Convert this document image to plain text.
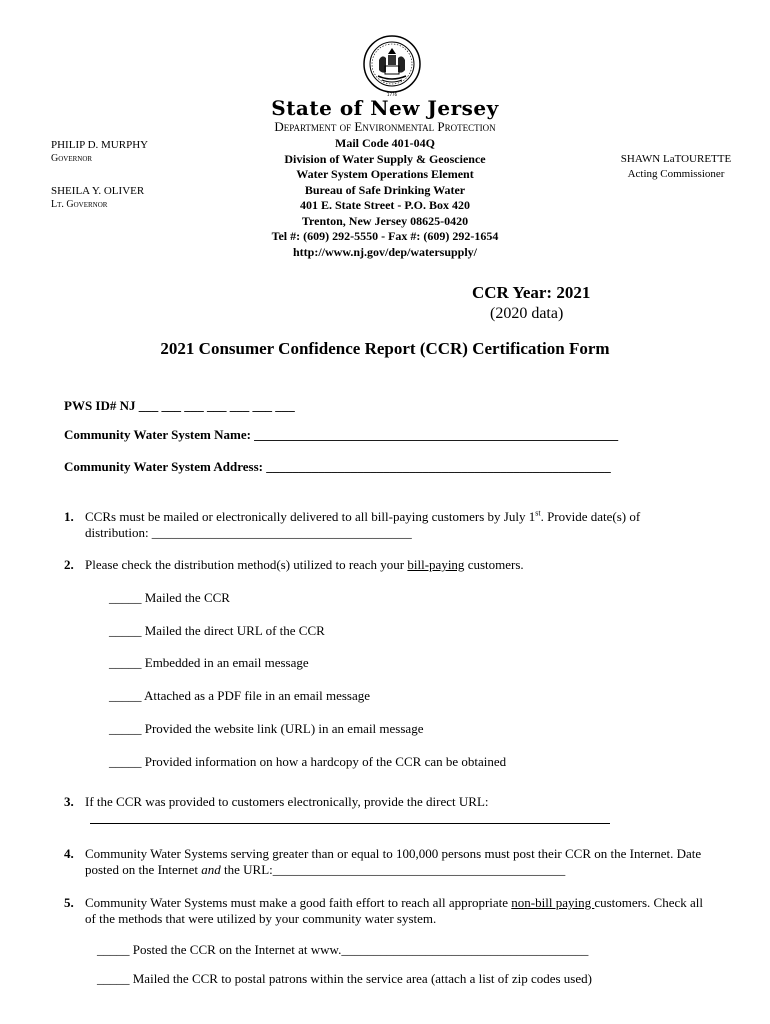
1776
State of New Jersey
Department of Environmental Protection
Mail Code 401-04Q
Division of Water Supply & Geoscience
Water System Operations Element
Bureau of Safe Drinking Water
401 E. State Street - P.O. Box 420
Trenton, New Jersey 08625-0420
Tel #: (609) 292-5550 - Fax #: (609) 292-1654
http://www.nj.gov/dep/watersupply/
PHILIP D. MURPHY
Governor
SHEILA Y. OLIVER
Lt. Governor
SHAWN LaTOURETTE
Acting Commissioner
CCR Year: 2021
(2020 data)
2021 Consumer Confidence Report (CCR) Certification Form
PWS ID# NJ ___ ___ ___ ___ ___ ___ ___
Community Water System Name: ________________________________________________________
Community Water System Address: _____________________________________________________
1. CCRs must be mailed or electronically delivered to all bill-paying customers by July 1st. Provide date(s) of distribution: ________________________________________
2. Please check the distribution method(s) utilized to reach your bill-paying customers.
_____ Mailed the CCR
_____ Mailed the direct URL of the CCR
_____ Embedded in an email message
_____ Attached as a PDF file in an email message
_____ Provided the website link (URL) in an email message
_____ Provided information on how a hardcopy of the CCR can be obtained
3. If the CCR was provided to customers electronically, provide the direct URL:
4. Community Water Systems serving greater than or equal to 100,000 persons must post their CCR on the Internet. Date posted on the Internet and the URL:_____________________________________________
5. Community Water Systems must make a good faith effort to reach all appropriate non-bill paying customers. Check all of the methods that were utilized by your community water system.
_____ Posted the CCR on the Internet at www.______________________________________
_____ Mailed the CCR to postal patrons within the service area (attach a list of zip codes used)
